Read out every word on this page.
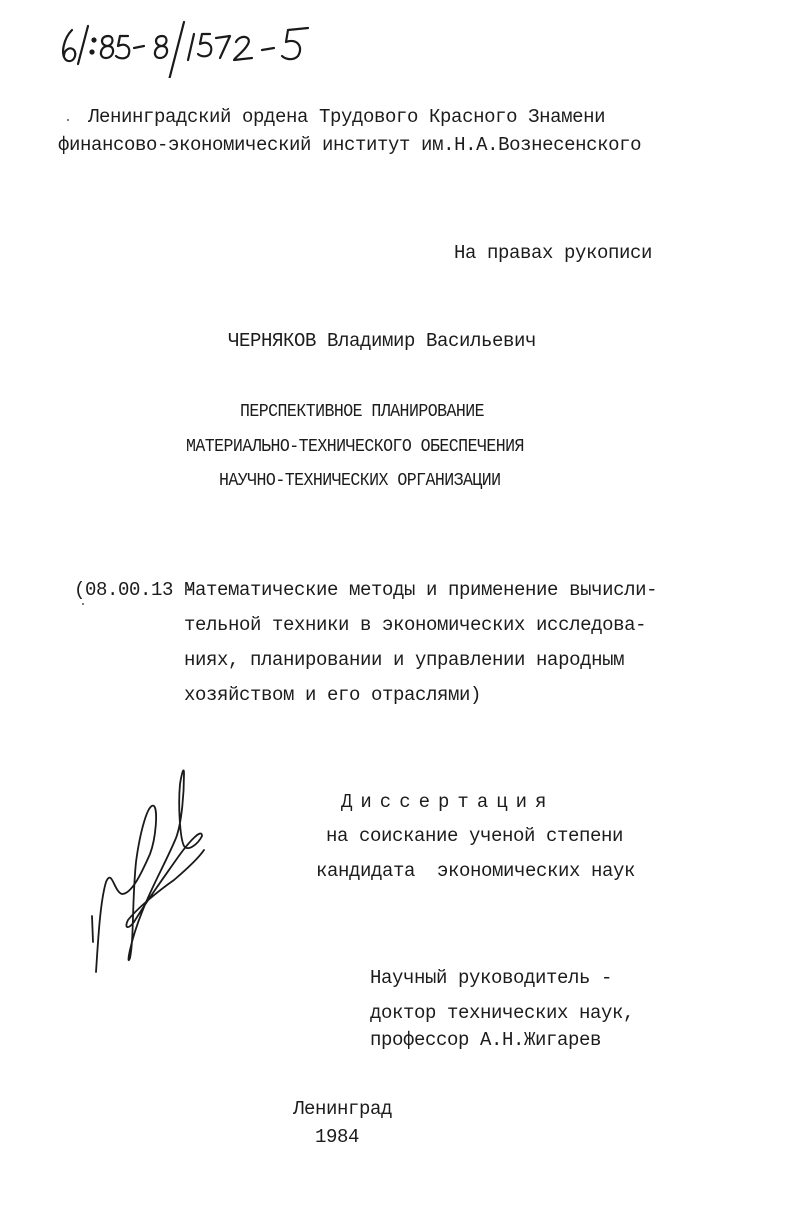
Ленинградский ордена Трудового Красного Знамени
финансово-экономический институт им.Н.А.Вознесенского
На правах рукописи
ЧЕРНЯКОВ Владимир Васильевич
ПЕРСПЕКТИВНОЕ ПЛАНИРОВАНИЕ
МАТЕРИАЛЬНО-ТЕХНИЧЕСКОГО ОБЕСПЕЧЕНИЯ
НАУЧНО-ТЕХНИЧЕСКИХ ОРГАНИЗАЦИИ
(08.00.13 -
Математические методы и применение вычисли-
тельной техники в экономических исследова-
ниях, планировании и управлении народным
хозяйством и его отраслями)
Диссертация
на соискание ученой степени
кандидата  экономических наук
Научный руководитель -
доктор технических наук,
профессор А.Н.Жигарев
Ленинград
1984
